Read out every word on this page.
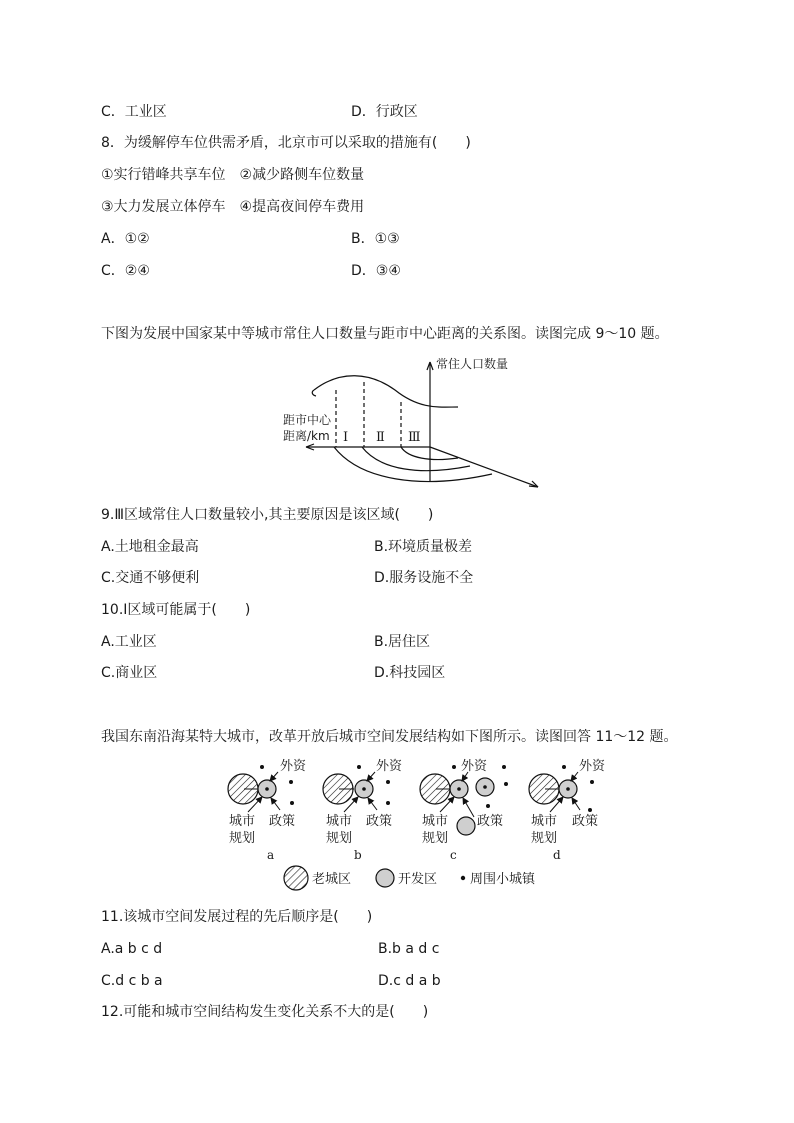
C．工业区	D．行政区
8．为缓解停车位供需矛盾，北京市可以采取的措施有(　　)
①实行错峰共享车位　②减少路侧车位数量
③大力发展立体停车　④提高夜间停车费用
A．①②	B．①③
C．②④	D．③④
下图为发展中国家某中等城市常住人口数量与距市中心距离的关系图。读图完成 9～10 题。
常住人口数量
距市中心
距离/km Ⅰ Ⅱ Ⅲ
9.Ⅲ区域常住人口数量较小,其主要原因是该区域(　　)
A.土地租金最高	B.环境质量极差
C.交通不够便利	D.服务设施不全
10.Ⅰ区域可能属于(　　)
A.工业区	B.居住区
C.商业区	D.科技园区
我国东南沿海某特大城市，改革开放后城市空间发展结构如下图所示。读图回答 11～12 题。
外资
政策
城市
规划
a
外资
政策
城市
规划
b
外资
政策
城市
规划
c
外资
政策
城市
规划
d
老城区	开发区	周围小城镇
11.该城市空间发展过程的先后顺序是(　　)
A.a b c d	B.b a d c
C.d c b a	D.c d a b
12.可能和城市空间结构发生变化关系不大的是(　　)
